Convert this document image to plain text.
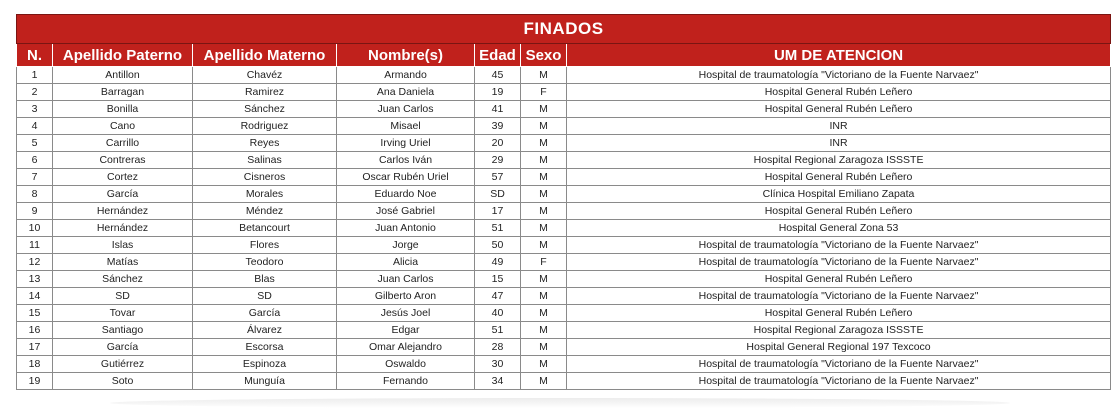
FINADOS						
N.	Apellido Paterno	Apellido Materno	Nombre(s)	Edad	Sexo	UM DE ATENCION
1	Antillon	Chavéz	Armando	45	M	Hospital de traumatología "Victoriano de la Fuente Narvaez"
2	Barragan	Ramirez	Ana Daniela	19	F	Hospital General Rubén Leñero
3	Bonilla	Sánchez	Juan Carlos	41	M	Hospital General Rubén Leñero
4	Cano	Rodriguez	Misael	39	M	INR
5	Carrillo	Reyes	Irving Uriel	20	M	INR
6	Contreras	Salinas	Carlos Iván	29	M	Hospital Regional Zaragoza ISSSTE
7	Cortez	Cisneros	Oscar Rubén Uriel	57	M	Hospital General Rubén Leñero
8	García	Morales	Eduardo Noe	SD	M	Clínica Hospital Emiliano Zapata
9	Hernández	Méndez	José Gabriel	17	M	Hospital General Rubén Leñero
10	Hernández	Betancourt	Juan Antonio	51	M	Hospital General Zona 53
11	Islas	Flores	Jorge	50	M	Hospital de traumatología "Victoriano de la Fuente Narvaez"
12	Matías	Teodoro	Alicia	49	F	Hospital de traumatología "Victoriano de la Fuente Narvaez"
13	Sánchez	Blas	Juan Carlos	15	M	Hospital General Rubén Leñero
14	SD	SD	Gilberto Aron	47	M	Hospital de traumatología "Victoriano de la Fuente Narvaez"
15	Tovar	García	Jesús Joel	40	M	Hospital General Rubén Leñero
16	Santiago	Álvarez	Edgar	51	M	Hospital Regional Zaragoza ISSSTE
17	García	Escorsa	Omar Alejandro	28	M	Hospital General Regional 197 Texcoco
18	Gutiérrez	Espinoza	Oswaldo	30	M	Hospital de traumatología "Victoriano de la Fuente Narvaez"
19	Soto	Munguía	Fernando	34	M	Hospital de traumatología "Victoriano de la Fuente Narvaez"
